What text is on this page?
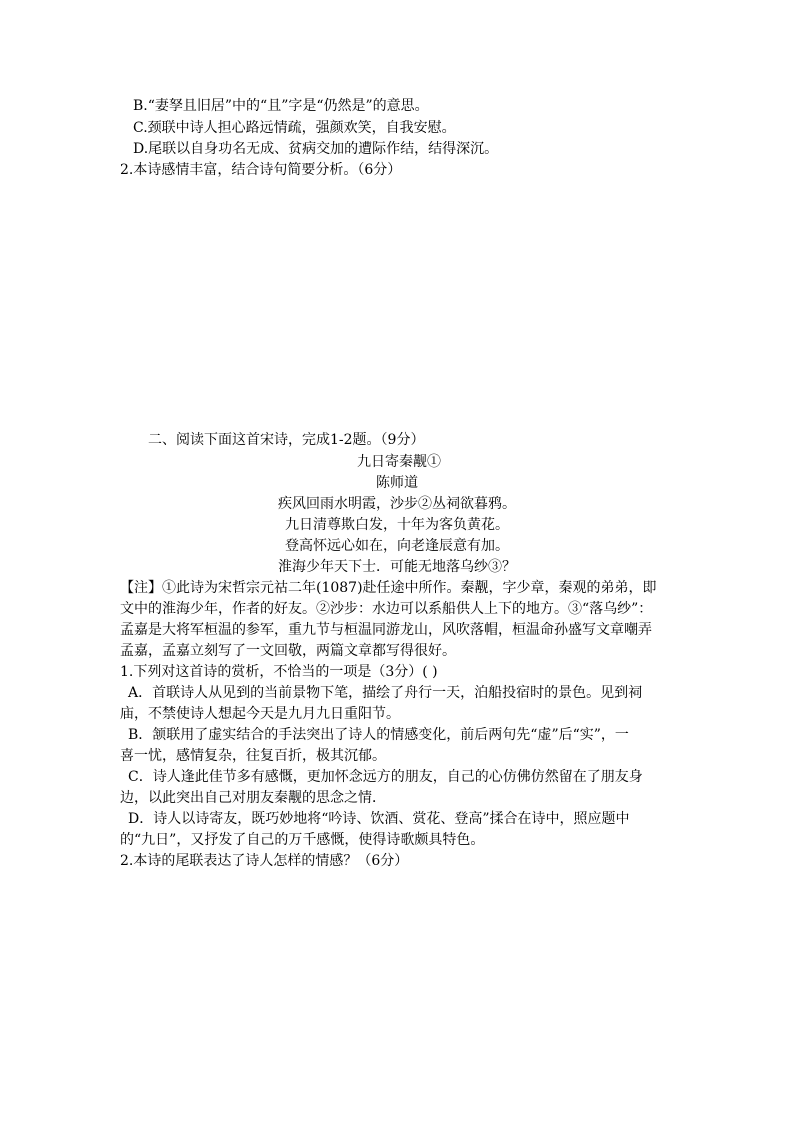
B.“妻孥且旧居”中的“且”字是“仍然是”的意思。
C.颈联中诗人担心路远情疏，强颜欢笑，自我安慰。
D.尾联以自身功名无成、贫病交加的遭际作结，结得深沉。
2.本诗感情丰富，结合诗句简要分析。（6分）
二、阅读下面这首宋诗，完成1-2题。（9分）
九日寄秦觏①
陈师道
疾风回雨水明霞，沙步②丛祠欲暮鸦。
九日清尊欺白发，十年为客负黄花。
登高怀远心如在，向老逢辰意有加。
淮海少年天下士．可能无地落乌纱③？
【注】①此诗为宋哲宗元祜二年(1087)赴任途中所作。秦觏，字少章，秦观的弟弟，即
文中的淮海少年，作者的好友。②沙步：水边可以系船供人上下的地方。③“落乌纱”：
孟嘉是大将军桓温的参军，重九节与桓温同游龙山，风吹落帽，桓温命孙盛写文章嘲弄
孟嘉，孟嘉立刻写了一文回敬，两篇文章都写得很好。
1.下列对这首诗的赏析，不恰当的一项是（3分）( )
A．首联诗人从见到的当前景物下笔，描绘了舟行一天，泊船投宿时的景色。见到祠
庙，不禁使诗人想起今天是九月九日重阳节。
B．颔联用了虚实结合的手法突出了诗人的情感变化，前后两句先“虚”后“实”，一
喜一忧，感情复杂，往复百折，极其沉郁。
C．诗人逢此佳节多有感慨，更加怀念远方的朋友，自己的心仿佛仿然留在了朋友身
边，以此突出自己对朋友秦觏的思念之情．
D．诗人以诗寄友，既巧妙地将“吟诗、饮酒、赏花、登高”揉合在诗中，照应题中
的“九日”，又抒发了自己的万千感慨，使得诗歌颇具特色。
2.本诗的尾联表达了诗人怎样的情感？（6分）
